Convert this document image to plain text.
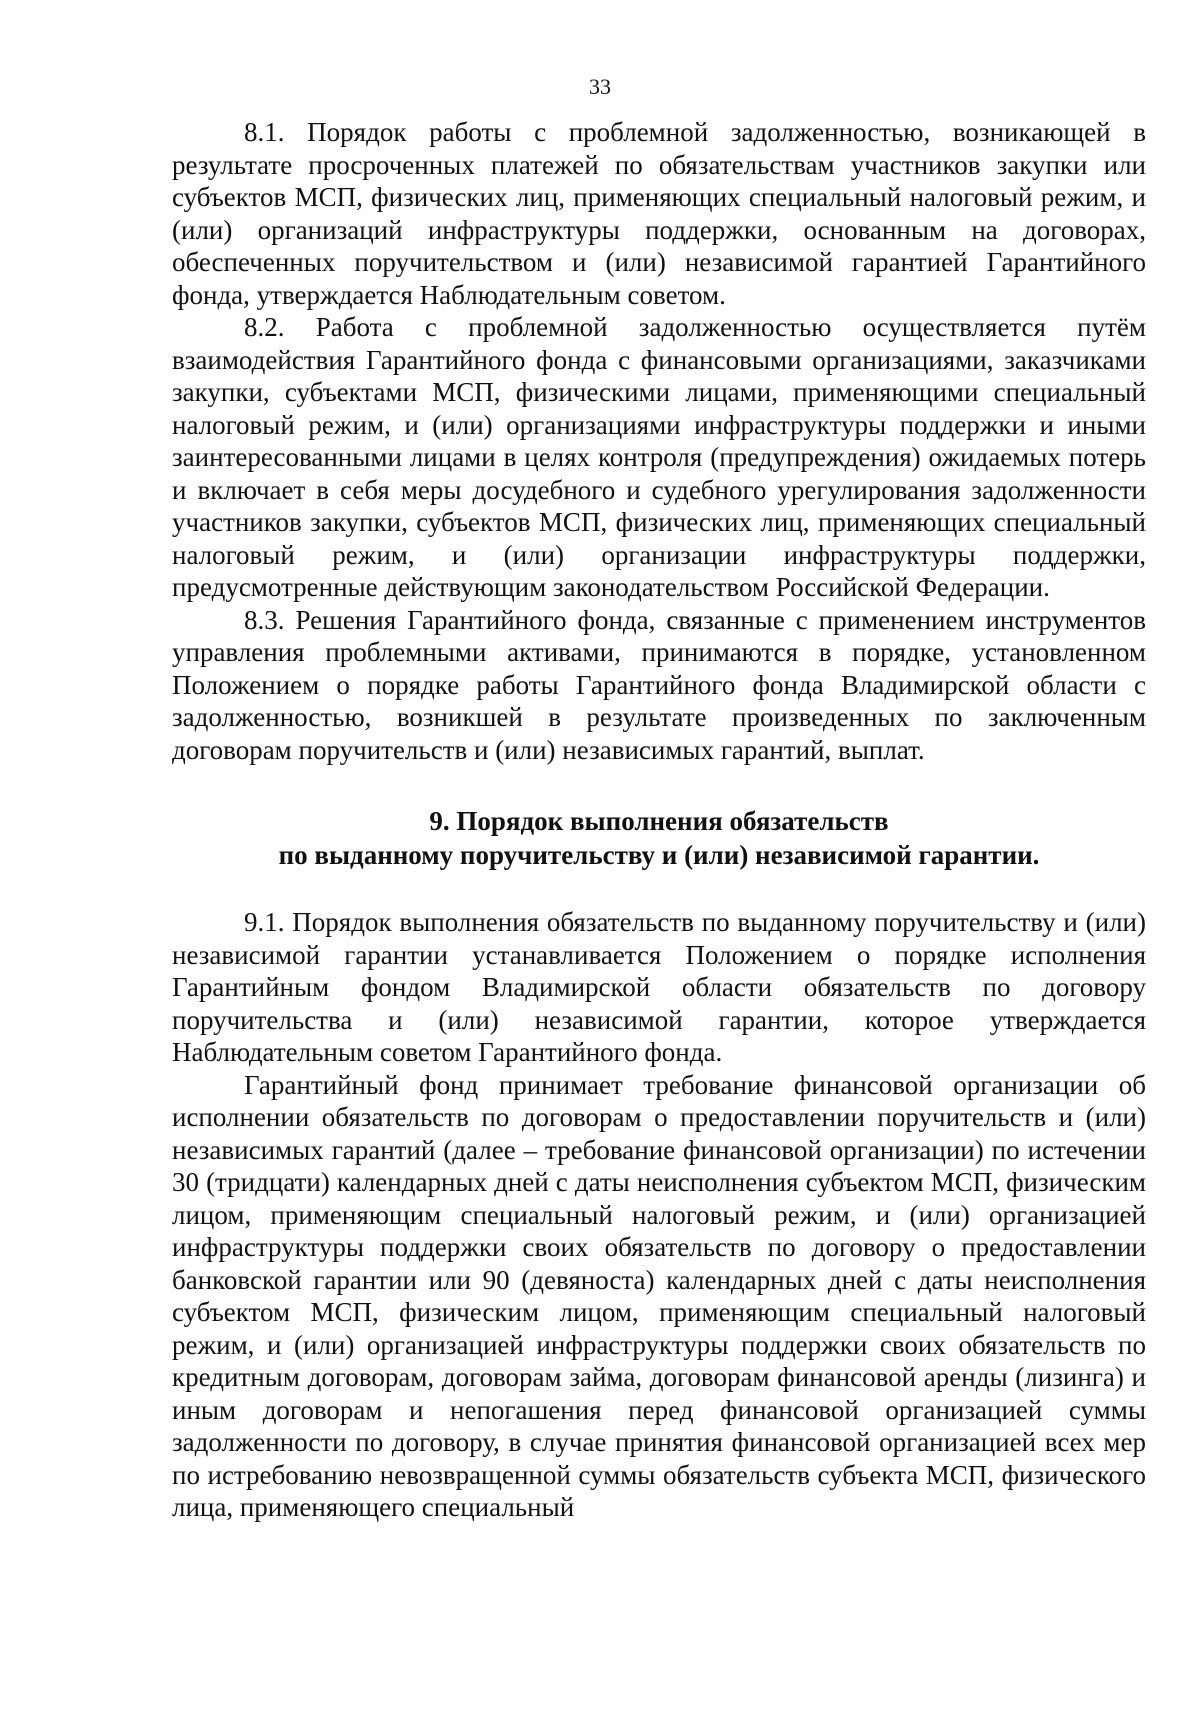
33

8.1. Порядок работы с проблемной задолженностью, возникающей в результате просроченных платежей по обязательствам участников закупки или субъектов МСП, физических лиц, применяющих специальный налоговый режим, и (или) организаций инфраструктуры поддержки, основанным на договорах, обеспеченных поручительством и (или) независимой гарантией Гарантийного фонда, утверждается Наблюдательным советом.

8.2. Работа с проблемной задолженностью осуществляется путём взаимодействия Гарантийного фонда с финансовыми организациями, заказчиками закупки, субъектами МСП, физическими лицами, применяющими специальный налоговый режим, и (или) организациями инфраструктуры поддержки и иными заинтересованными лицами в целях контроля (предупреждения) ожидаемых потерь и включает в себя меры досудебного и судебного урегулирования задолженности участников закупки, субъектов МСП, физических лиц, применяющих специальный налоговый режим, и (или) организации инфраструктуры поддержки, предусмотренные действующим законодательством Российской Федерации.

8.3. Решения Гарантийного фонда, связанные с применением инструментов управления проблемными активами, принимаются в порядке, установленном Положением о порядке работы Гарантийного фонда Владимирской области с задолженностью, возникшей в результате произведенных по заключенным договорам поручительств и (или) независимых гарантий, выплат.

9. Порядок выполнения обязательств
по выданному поручительству и (или) независимой гарантии.

9.1. Порядок выполнения обязательств по выданному поручительству и (или) независимой гарантии устанавливается Положением о порядке исполнения Гарантийным фондом Владимирской области обязательств по договору поручительства и (или) независимой гарантии, которое утверждается Наблюдательным советом Гарантийного фонда.

Гарантийный фонд принимает требование финансовой организации об исполнении обязательств по договорам о предоставлении поручительств и (или) независимых гарантий (далее – требование финансовой организации) по истечении 30 (тридцати) календарных дней с даты неисполнения субъектом МСП, физическим лицом, применяющим специальный налоговый режим, и (или) организацией инфраструктуры поддержки своих обязательств по договору о предоставлении банковской гарантии или 90 (девяноста) календарных дней с даты неисполнения субъектом МСП, физическим лицом, применяющим специальный налоговый режим, и (или) организацией инфраструктуры поддержки своих обязательств по кредитным договорам, договорам займа, договорам финансовой аренды (лизинга) и иным договорам и непогашения перед финансовой организацией суммы задолженности по договору, в случае принятия финансовой организацией всех мер по истребованию невозвращенной суммы обязательств субъекта МСП, физического лица, применяющего специальный
